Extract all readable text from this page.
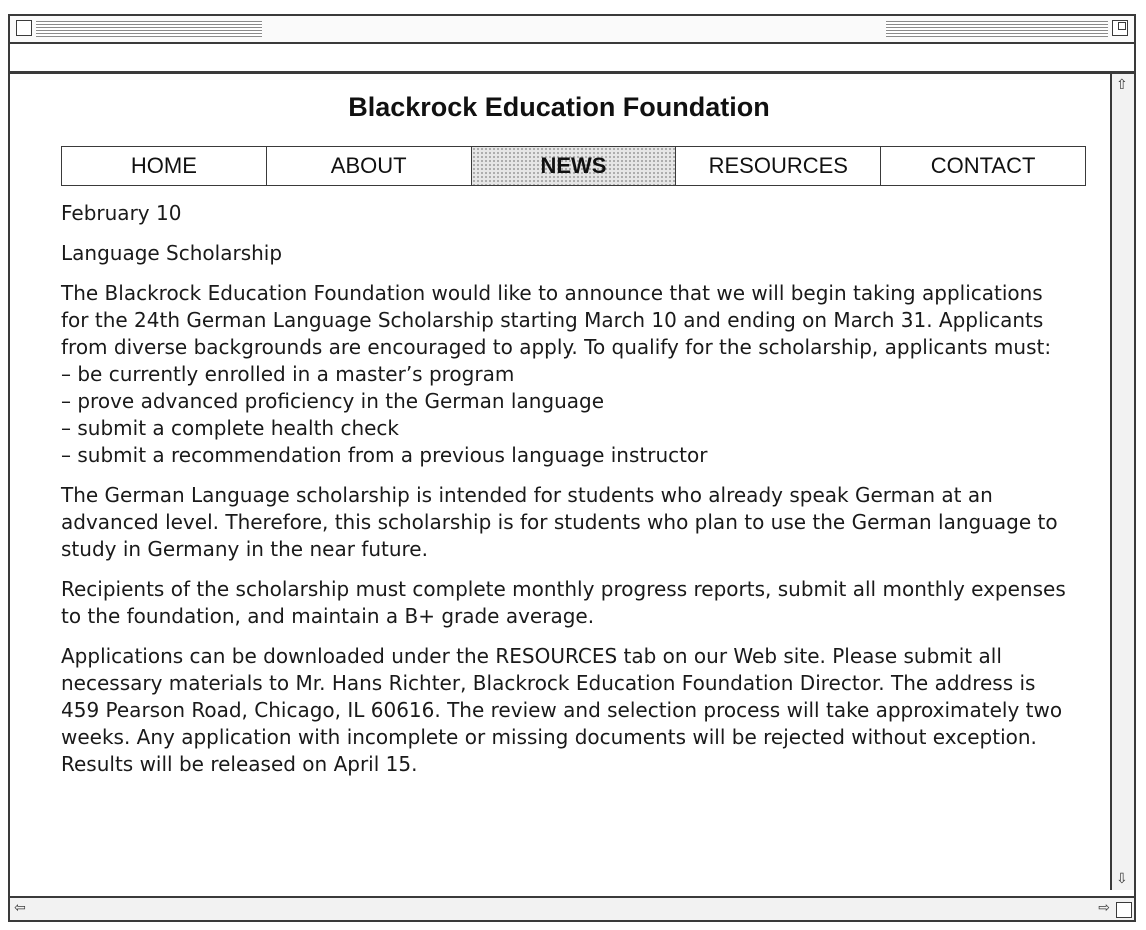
Blackrock Education Foundation
HOME	ABOUT	NEWS	RESOURCES	CONTACT

February 10

Language Scholarship

The Blackrock Education Foundation would like to announce that we will begin taking applications for the 24th German Language Scholarship starting March 10 and ending on March 31. Applicants from diverse backgrounds are encouraged to apply. To qualify for the scholarship, applicants must:

– be currently enrolled in a master’s program
– prove advanced proficiency in the German language
– submit a complete health check
– submit a recommendation from a previous language instructor

The German Language scholarship is intended for students who already speak German at an advanced level. Therefore, this scholarship is for students who plan to use the German language to study in Germany in the near future.

Recipients of the scholarship must complete monthly progress reports, submit all monthly expenses to the foundation, and maintain a B+ grade average.

Applications can be downloaded under the RESOURCES tab on our Web site. Please submit all necessary materials to Mr. Hans Richter, Blackrock Education Foundation Director. The address is 459 Pearson Road, Chicago, IL 60616. The review and selection process will take approximately two weeks. Any application with incomplete or missing documents will be rejected without exception. Results will be released on April 15.

⇧
⇩
⇦	⇨
